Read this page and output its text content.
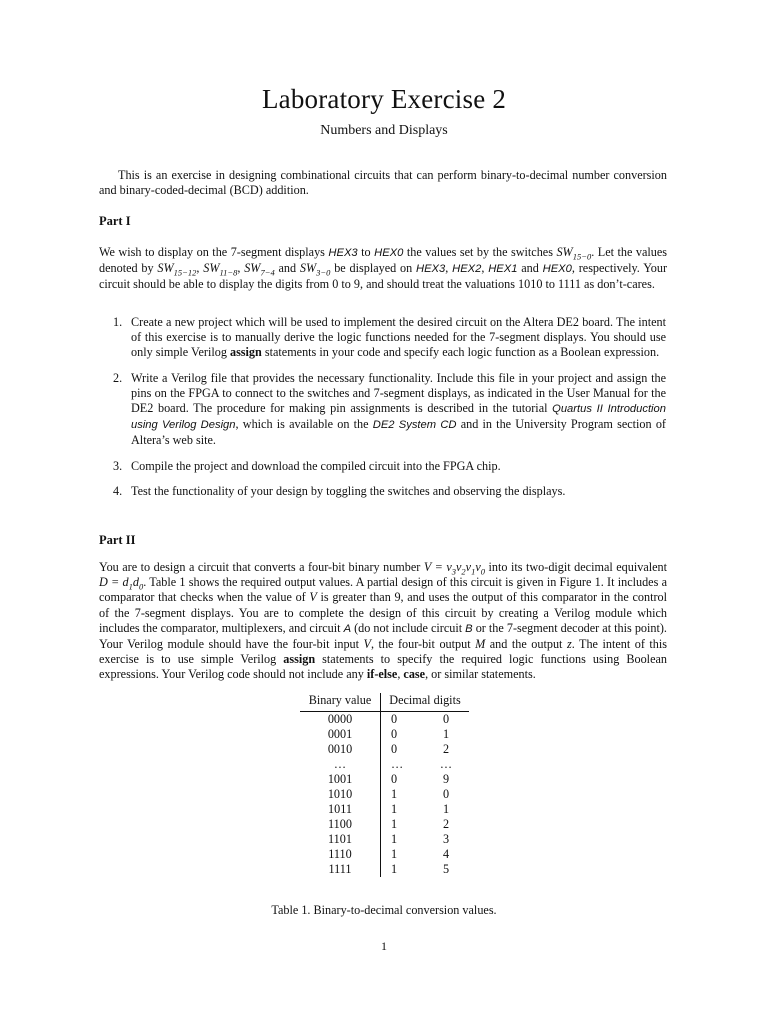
Laboratory Exercise 2
Numbers and Displays
This is an exercise in designing combinational circuits that can perform binary-to-decimal number conversion and binary-coded-decimal (BCD) addition.
Part I
We wish to display on the 7-segment displays HEX3 to HEX0 the values set by the switches $SW_{15-0}$. Let the values denoted by $SW_{15-12}$, $SW_{11-8}$, $SW_{7-4}$ and $SW_{3-0}$ be displayed on HEX3, HEX2, HEX1 and HEX0, respectively. Your circuit should be able to display the digits from 0 to 9, and should treat the valuations 1010 to 1111 as don’t-cares.
1. Create a new project which will be used to implement the desired circuit on the Altera DE2 board. The intent of this exercise is to manually derive the logic functions needed for the 7-segment displays. You should use only simple Verilog assign statements in your code and specify each logic function as a Boolean expression.
2. Write a Verilog file that provides the necessary functionality. Include this file in your project and assign the pins on the FPGA to connect to the switches and 7-segment displays, as indicated in the User Manual for the DE2 board. The procedure for making pin assignments is described in the tutorial Quartus II Introduction using Verilog Design, which is available on the DE2 System CD and in the University Program section of Altera’s web site.
3. Compile the project and download the compiled circuit into the FPGA chip.
4. Test the functionality of your design by toggling the switches and observing the displays.
Part II
You are to design a circuit that converts a four-bit binary number $V = v_3v_2v_1v_0$ into its two-digit decimal equivalent $D = d_1d_0$. Table 1 shows the required output values. A partial design of this circuit is given in Figure 1. It includes a comparator that checks when the value of V is greater than 9, and uses the output of this comparator in the control of the 7-segment displays. You are to complete the design of this circuit by creating a Verilog module which includes the comparator, multiplexers, and circuit A (do not include circuit B or the 7-segment decoder at this point). Your Verilog module should have the four-bit input V, the four-bit output M and the output z. The intent of this exercise is to use simple Verilog assign statements to specify the required logic functions using Boolean expressions. Your Verilog code should not include any if-else, case, or similar statements.
Binary value	Decimal digits	
0000	0	0
0001	0	1
0010	0	2
…	…	…
1001	0	9
1010	1	0
1011	1	1
1100	1	2
1101	1	3
1110	1	4
1111	1	5
Table 1. Binary-to-decimal conversion values.
1
